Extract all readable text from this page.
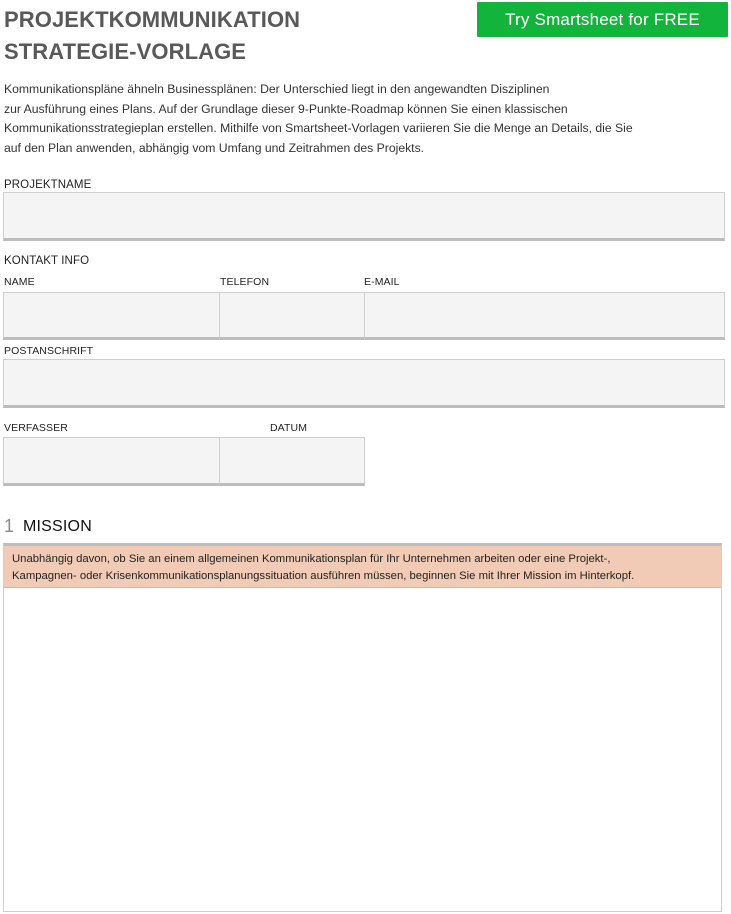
PROJEKTKOMMUNIKATION
STRATEGIE-VORLAGE
Try Smartsheet for FREE
Kommunikationspläne ähneln Businessplänen: Der Unterschied liegt in den angewandten Disziplinen
zur Ausführung eines Plans. Auf der Grundlage dieser 9-Punkte-Roadmap können Sie einen klassischen
Kommunikationsstrategieplan erstellen. Mithilfe von Smartsheet-Vorlagen variieren Sie die Menge an Details, die Sie
auf den Plan anwenden, abhängig vom Umfang und Zeitrahmen des Projekts.
PROJEKTNAME
KONTAKT INFO
NAME	TELEFON	E-MAIL
POSTANSCHRIFT
VERFASSER	DATUM
1 MISSION
Unabhängig davon, ob Sie an einem allgemeinen Kommunikationsplan für Ihr Unternehmen arbeiten oder eine Projekt-,
Kampagnen- oder Krisenkommunikationsplanungssituation ausführen müssen, beginnen Sie mit Ihrer Mission im Hinterkopf.
